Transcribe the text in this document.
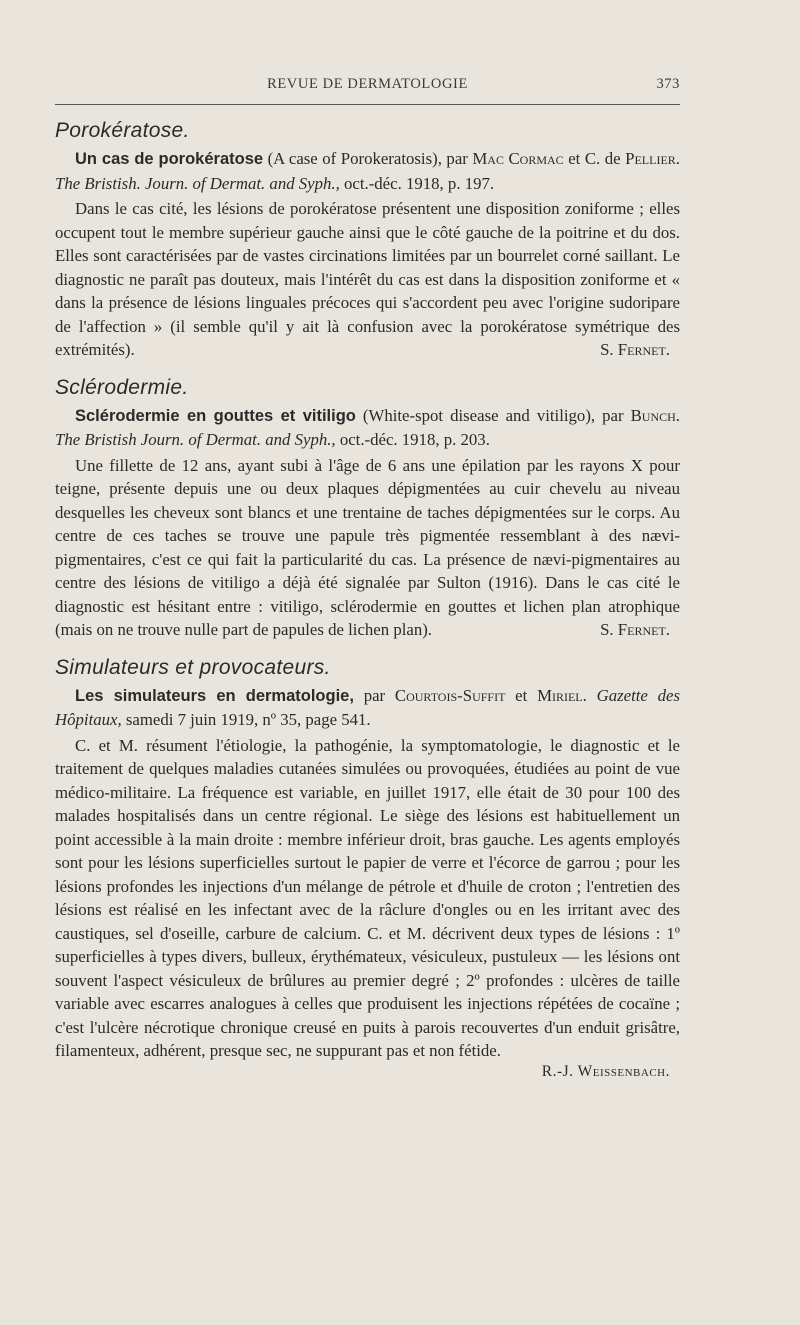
REVUE DE DERMATOLOGIE	373
Porokératose.
Un cas de porokératose (A case of Porokeratosis), par Mac Cormac et C. de Pellier. The Bristish. Journ. of Dermat. and Syph., oct.-déc. 1918, p. 197.
Dans le cas cité, les lésions de porokératose présentent une disposition zoniforme ; elles occupent tout le membre supérieur gauche ainsi que le côté gauche de la poitrine et du dos. Elles sont caractérisées par de vastes circinations limitées par un bourrelet corné saillant. Le diagnostic ne paraît pas douteux, mais l'intérêt du cas est dans la disposition zoniforme et « dans la présence de lésions linguales précoces qui s'accordent peu avec l'origine sudoripare de l'affection » (il semble qu'il y ait là confusion avec la porokératose symétrique des extrémités).	S. Fernet.
Sclérodermie.
Sclérodermie en gouttes et vitiligo (White-spot disease and vitiligo), par Bunch. The Bristish Journ. of Dermat. and Syph., oct.-déc. 1918, p. 203.
Une fillette de 12 ans, ayant subi à l'âge de 6 ans une épilation par les rayons X pour teigne, présente depuis une ou deux plaques dépigmentées au cuir chevelu au niveau desquelles les cheveux sont blancs et une trentaine de taches dépigmentées sur le corps. Au centre de ces taches se trouve une papule très pigmentée ressemblant à des nævi-pigmentaires, c'est ce qui fait la particularité du cas. La présence de nævi-pigmentaires au centre des lésions de vitiligo a déjà été signalée par Sulton (1916). Dans le cas cité le diagnostic est hésitant entre : vitiligo, sclérodermie en gouttes et lichen plan atrophique (mais on ne trouve nulle part de papules de lichen plan).	S. Fernet.
Simulateurs et provocateurs.
Les simulateurs en dermatologie, par Courtois-Suffit et Miriel. Gazette des Hôpitaux, samedi 7 juin 1919, nº 35, page 541.
C. et M. résument l'étiologie, la pathogénie, la symptomatologie, le diagnostic et le traitement de quelques maladies cutanées simulées ou provoquées, étudiées au point de vue médico-militaire. La fréquence est variable, en juillet 1917, elle était de 30 pour 100 des malades hospitalisés dans un centre régional. Le siège des lésions est habituellement un point accessible à la main droite : membre inférieur droit, bras gauche. Les agents employés sont pour les lésions superficielles surtout le papier de verre et l'écorce de garrou ; pour les lésions profondes les injections d'un mélange de pétrole et d'huile de croton ; l'entretien des lésions est réalisé en les infectant avec de la râclure d'ongles ou en les irritant avec des caustiques, sel d'oseille, carbure de calcium. C. et M. décrivent deux types de lésions : 1º superficielles à types divers, bulleux, érythémateux, vésiculeux, pustuleux — les lésions ont souvent l'aspect vésiculeux de brûlures au premier degré ; 2º profondes : ulcères de taille variable avec escarres analogues à celles que produisent les injections répétées de cocaïne ; c'est l'ulcère nécrotique chronique creusé en puits à parois recouvertes d'un enduit grisâtre, filamenteux, adhérent, presque sec, ne suppurant pas et non fétide.
R.-J. Weissenbach.
